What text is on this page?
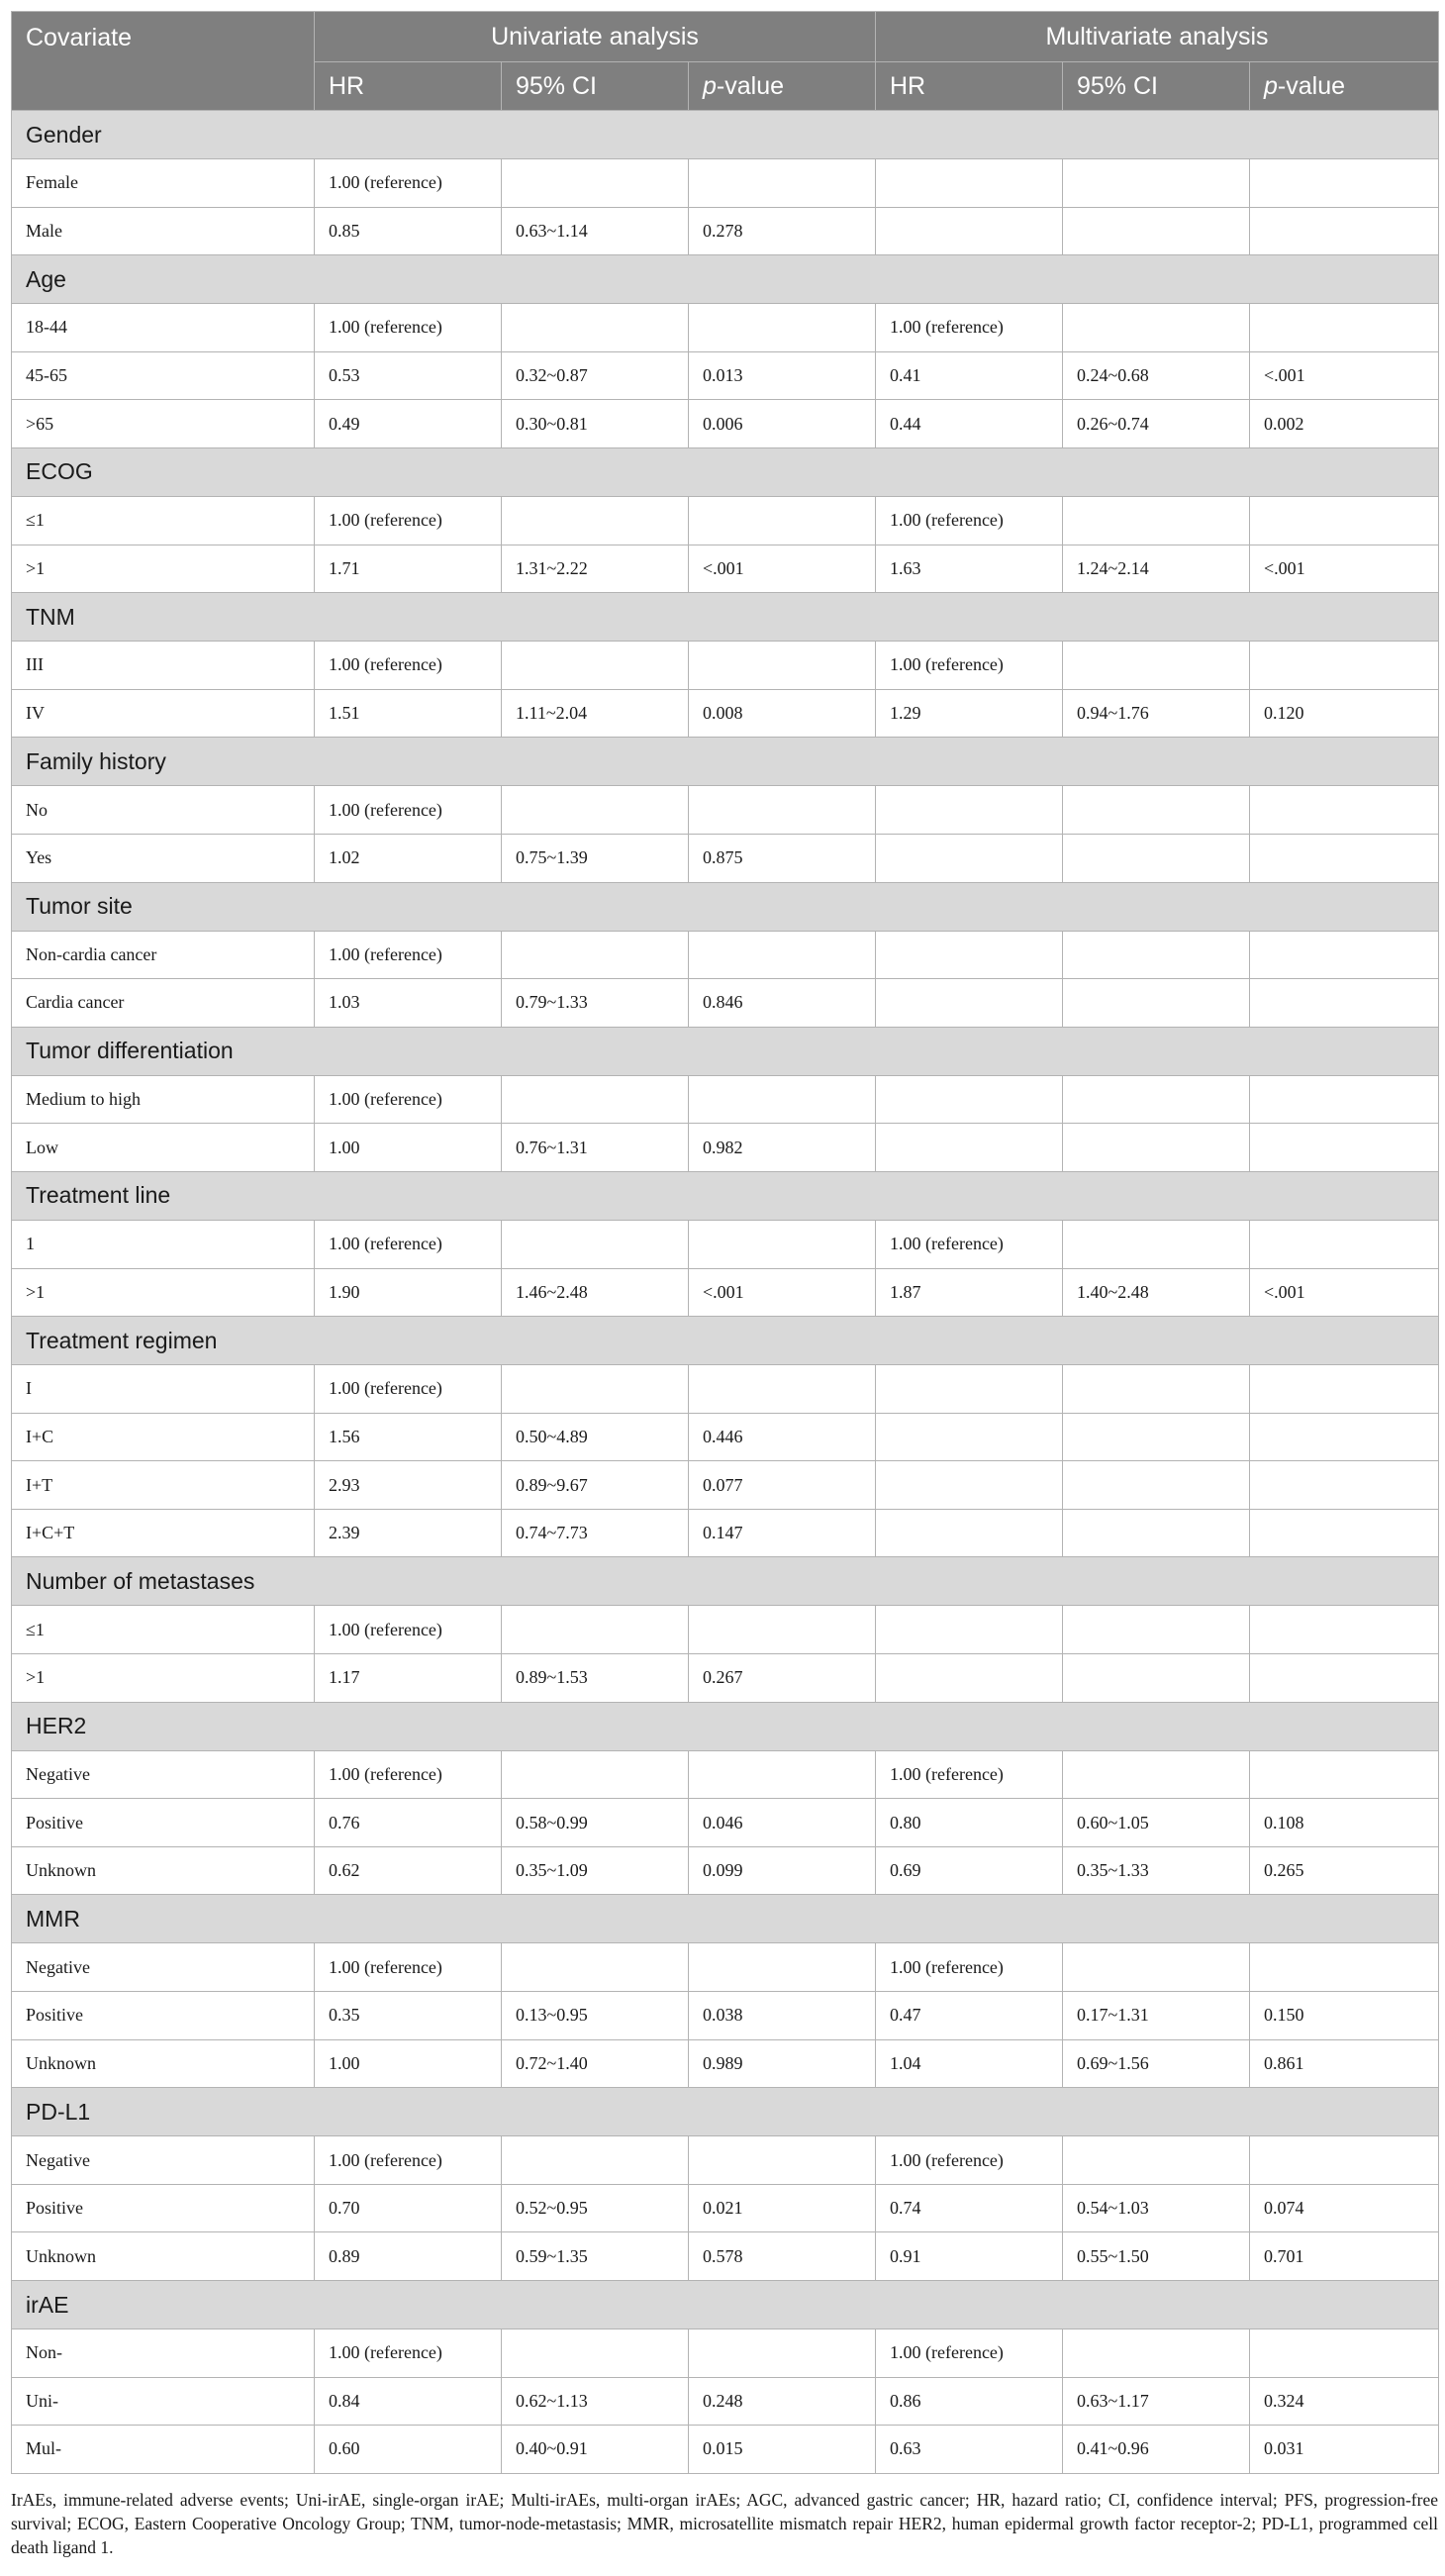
Covariate	Univariate analysis			Multivariate analysis		
	HR	95% CI	p-value	HR	95% CI	p-value
Gender						
Female	1.00 (reference)					
Male	0.85	0.63~1.14	0.278			
Age						
18-44	1.00 (reference)			1.00 (reference)		
45-65	0.53	0.32~0.87	0.013	0.41	0.24~0.68	<.001
>65	0.49	0.30~0.81	0.006	0.44	0.26~0.74	0.002
ECOG						
≤1	1.00 (reference)			1.00 (reference)		
>1	1.71	1.31~2.22	<.001	1.63	1.24~2.14	<.001
TNM						
III	1.00 (reference)			1.00 (reference)		
IV	1.51	1.11~2.04	0.008	1.29	0.94~1.76	0.120
Family history						
No	1.00 (reference)					
Yes	1.02	0.75~1.39	0.875			
Tumor site						
Non-cardia cancer	1.00 (reference)					
Cardia cancer	1.03	0.79~1.33	0.846			
Tumor differentiation						
Medium to high	1.00 (reference)					
Low	1.00	0.76~1.31	0.982			
Treatment line						
1	1.00 (reference)			1.00 (reference)		
>1	1.90	1.46~2.48	<.001	1.87	1.40~2.48	<.001
Treatment regimen						
I	1.00 (reference)					
I+C	1.56	0.50~4.89	0.446			
I+T	2.93	0.89~9.67	0.077			
I+C+T	2.39	0.74~7.73	0.147			
Number of metastases						
≤1	1.00 (reference)					
>1	1.17	0.89~1.53	0.267			
HER2						
Negative	1.00 (reference)			1.00 (reference)		
Positive	0.76	0.58~0.99	0.046	0.80	0.60~1.05	0.108
Unknown	0.62	0.35~1.09	0.099	0.69	0.35~1.33	0.265
MMR						
Negative	1.00 (reference)			1.00 (reference)		
Positive	0.35	0.13~0.95	0.038	0.47	0.17~1.31	0.150
Unknown	1.00	0.72~1.40	0.989	1.04	0.69~1.56	0.861
PD-L1						
Negative	1.00 (reference)			1.00 (reference)		
Positive	0.70	0.52~0.95	0.021	0.74	0.54~1.03	0.074
Unknown	0.89	0.59~1.35	0.578	0.91	0.55~1.50	0.701
irAE						
Non-	1.00 (reference)			1.00 (reference)		
Uni-	0.84	0.62~1.13	0.248	0.86	0.63~1.17	0.324
Mul-	0.60	0.40~0.91	0.015	0.63	0.41~0.96	0.031

IrAEs, immune-related adverse events; Uni-irAE, single-organ irAE; Multi-irAEs, multi-organ irAEs; AGC, advanced gastric cancer; HR, hazard ratio; CI, confidence interval; PFS, progression-free survival; ECOG, Eastern Cooperative Oncology Group; TNM, tumor-node-metastasis; MMR, microsatellite mismatch repair HER2, human epidermal growth factor receptor-2; PD-L1, programmed cell death ligand 1.
